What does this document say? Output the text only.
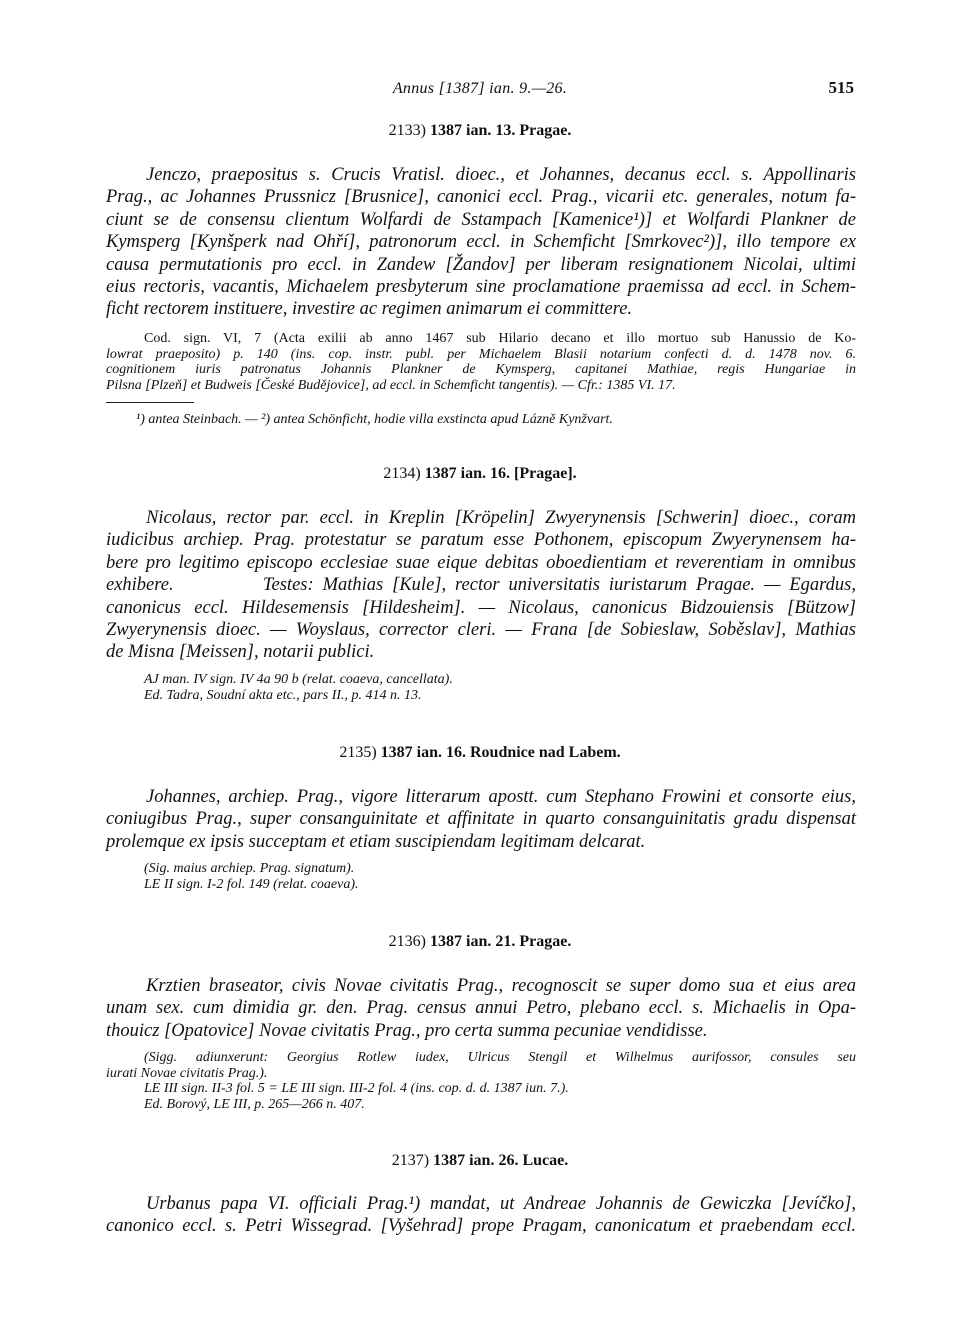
Annus [1387] ian. 9.—26.	515
2133) 1387 ian. 13. Pragae.
Jenczo, praepositus s. Crucis Vratisl. dioec., et Johannes, decanus eccl. s. Appollinaris
Prag., ac Johannes Prussnicz [Brusnice], canonici eccl. Prag., vicarii etc. generales, notum fa-
ciunt se de consensu clientum Wolfardi de Sstampach [Kamenice¹)] et Wolfardi Plankner de
Kymsperg [Kynšperk nad Ohří], patronorum eccl. in Schemficht [Smrkovec²)], illo tempore ex
causa permutationis pro eccl. in Zandew [Žandov] per liberam resignationem Nicolai, ultimi
eius rectoris, vacantis, Michaelem presbyterum sine proclamatione praemissa ad eccl. in Schem-
ficht rectorem instituere, investire ac regimen animarum ei committere.
Cod. sign. VI, 7 (Acta exilii ab anno 1467 sub Hilario decano et illo mortuo sub Hanussio de Ko-
lowrat praeposito) p. 140 (ins. cop. instr. publ. per Michaelem Blasii notarium confecti d. d. 1478 nov. 6.
cognitionem iuris patronatus Johannis Plankner de Kymsperg, capitanei Mathiae, regis Hungariae in
Pilsna [Plzeň] et Budweis [České Budějovice], ad eccl. in Schemficht tangentis). — Cfr.: 1385 VI. 17.
¹) antea Steinbach. — ²) antea Schönficht, hodie villa exstincta apud Lázně Kynžvart.
2134) 1387 ian. 16. [Pragae].
Nicolaus, rector par. eccl. in Kreplin [Kröpelin] Zwyerynensis [Schwerin] dioec., coram
iudicibus archiep. Prag. protestatur se paratum esse Pothonem, episcopum Zwyerynensem ha-
bere pro legitimo episcopo ecclesiae suae eique debitas oboedientiam et reverentiam in omnibus
exhibere.          Testes: Mathias [Kule], rector universitatis iuristarum Pragae. — Egardus,
canonicus eccl. Hildesemensis [Hildesheim]. — Nicolaus, canonicus Bidzouiensis [Bützow]
Zwyerynensis dioec. — Woyslaus, corrector cleri. — Frana [de Sobieslaw, Soběslav], Mathias
de Misna [Meissen], notarii publici.
AJ man. IV sign. IV 4a 90 b (relat. coaeva, cancellata).
Ed. Tadra, Soudní akta etc., pars II., p. 414 n. 13.
2135) 1387 ian. 16. Roudnice nad Labem.
Johannes, archiep. Prag., vigore litterarum apostt. cum Stephano Frowini et consorte eius,
coniugibus Prag., super consanguinitate et affinitate in quarto consanguinitatis gradu dispensat
prolemque ex ipsis succeptam et etiam suscipiendam legitimam delcarat.
(Sig. maius archiep. Prag. signatum).
LE II sign. I-2 fol. 149 (relat. coaeva).
2136) 1387 ian. 21. Pragae.
Krztien braseator, civis Novae civitatis Prag., recognoscit se super domo sua et eius area
unam sex. cum dimidia gr. den. Prag. census annui Petro, plebano eccl. s. Michaelis in Opa-
thouicz [Opatovice] Novae civitatis Prag., pro certa summa pecuniae vendidisse.
(Sigg. adiunxerunt: Georgius Rotlew iudex, Ulricus Stengil et Wilhelmus aurifossor, consules seu
iurati Novae civitatis Prag.).
LE III sign. II-3 fol. 5 = LE III sign. III-2 fol. 4 (ins. cop. d. d. 1387 iun. 7.).
Ed. Borový, LE III, p. 265—266 n. 407.
2137) 1387 ian. 26. Lucae.
Urbanus papa VI. officiali Prag.¹) mandat, ut Andreae Johannis de Gewiczka [Jevíčko],
canonico eccl. s. Petri Wissegrad. [Vyšehrad] prope Pragam, canonicatum et praebendam eccl.
